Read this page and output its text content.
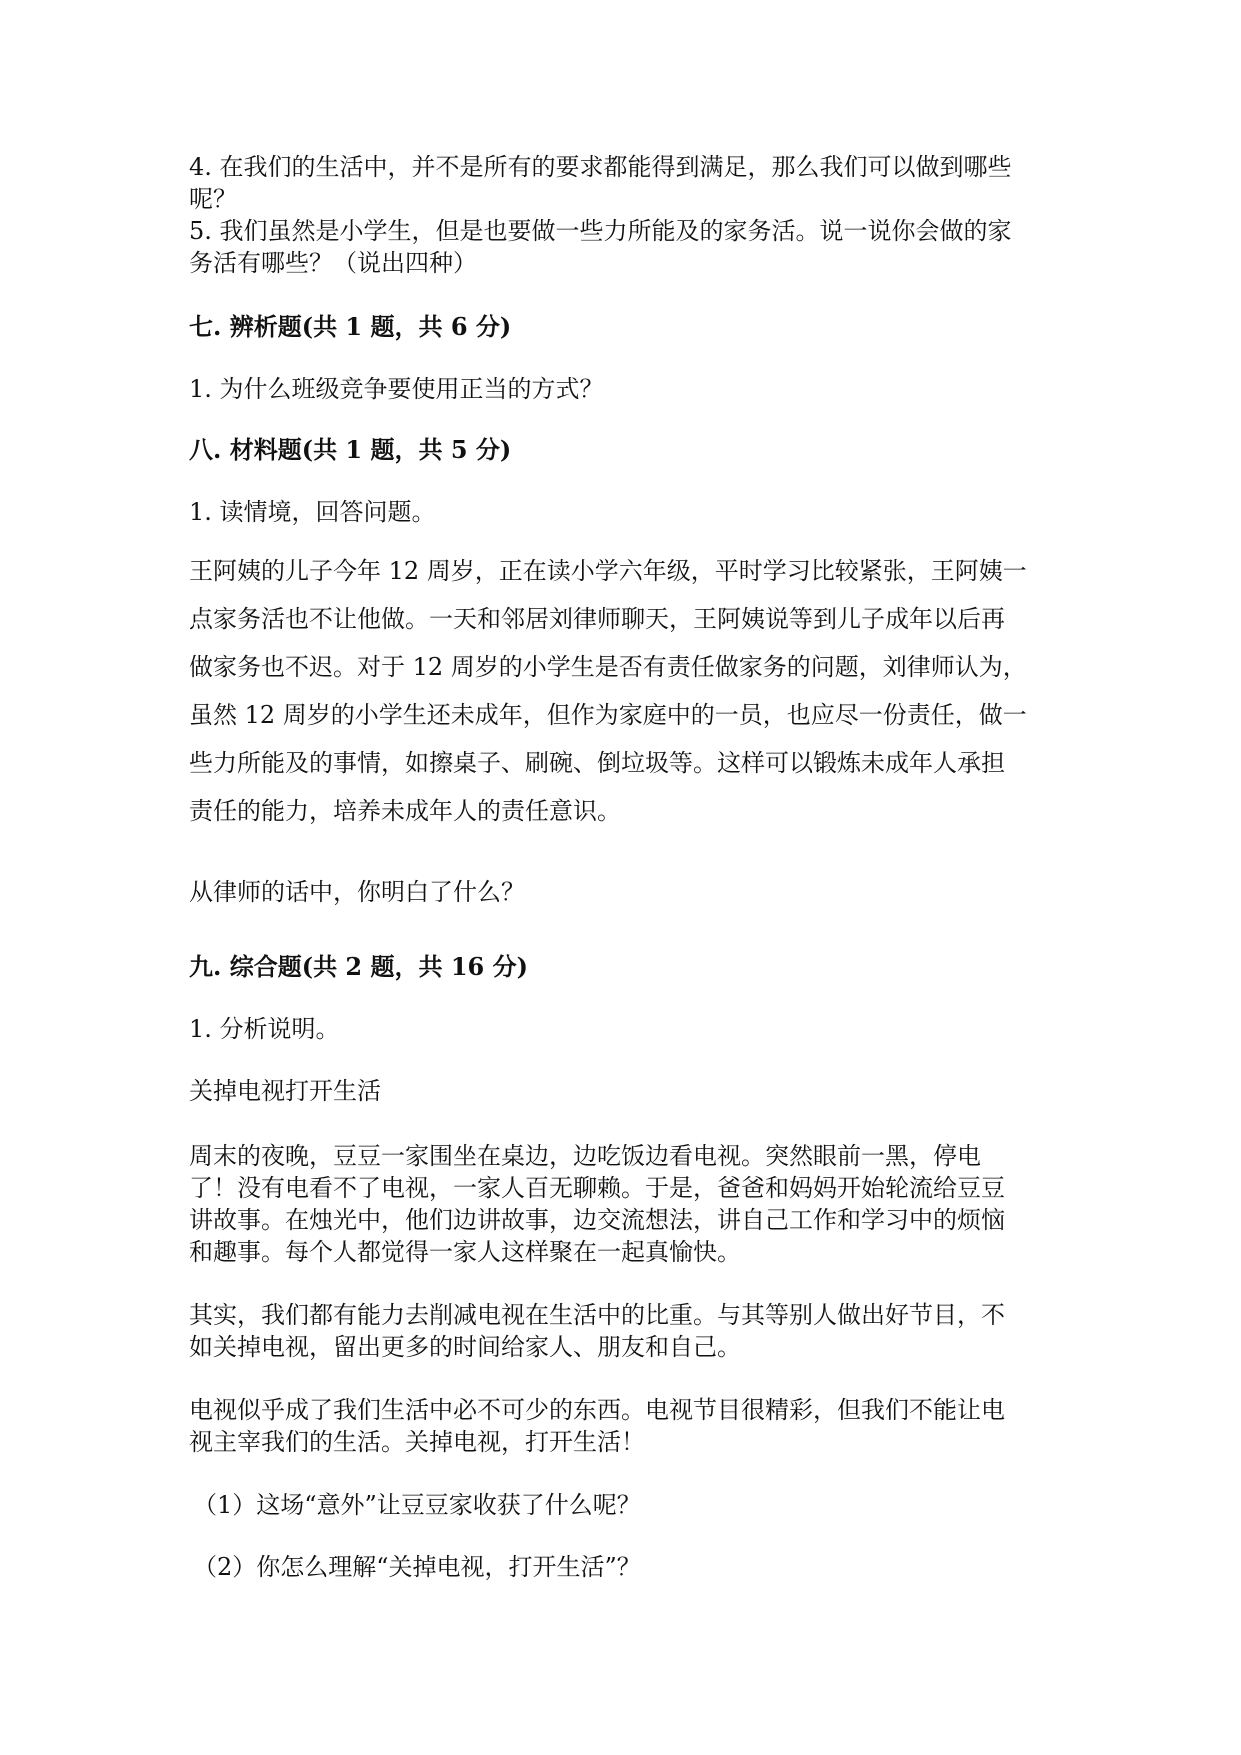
4. 在我们的生活中，并不是所有的要求都能得到满足，那么我们可以做到哪些
呢？
5. 我们虽然是小学生，但是也要做一些力所能及的家务活。说一说你会做的家
务活有哪些？（说出四种）
七. 辨析题(共 1 题，共 6 分)
1. 为什么班级竞争要使用正当的方式？
八. 材料题(共 1 题，共 5 分)
1. 读情境，回答问题。
王阿姨的儿子今年 12 周岁，正在读小学六年级，平时学习比较紧张，王阿姨一
点家务活也不让他做。一天和邻居刘律师聊天，王阿姨说等到儿子成年以后再
做家务也不迟。对于 12 周岁的小学生是否有责任做家务的问题，刘律师认为，
虽然 12 周岁的小学生还未成年，但作为家庭中的一员，也应尽一份责任，做一
些力所能及的事情，如擦桌子、刷碗、倒垃圾等。这样可以锻炼未成年人承担
责任的能力，培养未成年人的责任意识。
从律师的话中，你明白了什么？
九. 综合题(共 2 题，共 16 分)
1. 分析说明。
关掉电视打开生活
周末的夜晚，豆豆一家围坐在桌边，边吃饭边看电视。突然眼前一黑，停电
了！没有电看不了电视，一家人百无聊赖。于是，爸爸和妈妈开始轮流给豆豆
讲故事。在烛光中，他们边讲故事，边交流想法，讲自己工作和学习中的烦恼
和趣事。每个人都觉得一家人这样聚在一起真愉快。
其实，我们都有能力去削减电视在生活中的比重。与其等别人做出好节目，不
如关掉电视，留出更多的时间给家人、朋友和自己。
电视似乎成了我们生活中必不可少的东西。电视节目很精彩，但我们不能让电
视主宰我们的生活。关掉电视，打开生活！
（1）这场“意外”让豆豆家收获了什么呢？
（2）你怎么理解“关掉电视，打开生活”？
